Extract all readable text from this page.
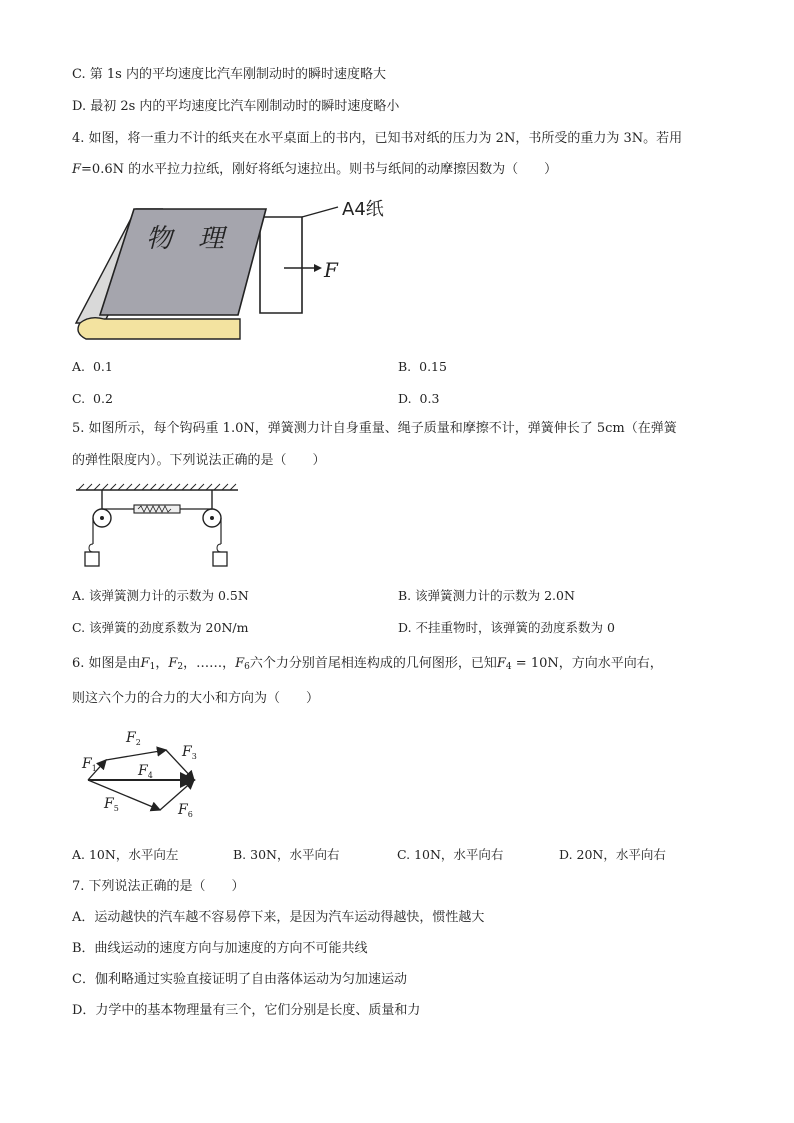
C. 第 1s 内的平均速度比汽车刚制动时的瞬时速度略大
D. 最初 2s 内的平均速度比汽车刚制动时的瞬时速度略小
4. 如图，将一重力不计的纸夹在水平桌面上的书内，已知书对纸的压力为 2N，书所受的重力为 3N。若用
F=0.6N 的水平拉力拉纸，刚好将纸匀速拉出。则书与纸间的动摩擦因数为（　　）
物　理
A4纸
F
A. 0.1	B. 0.15
C. 0.2	D. 0.3
5. 如图所示，每个钩码重 1.0N，弹簧测力计自身重量、绳子质量和摩擦不计，弹簧伸长了 5cm（在弹簧
的弹性限度内）。下列说法正确的是（　　）
A. 该弹簧测力计的示数为 0.5N	B. 该弹簧测力计的示数为 2.0N
C. 该弹簧的劲度系数为 20N/m	D. 不挂重物时，该弹簧的劲度系数为 0
6. 如图是由$F_1$，$F_2$，……，$F_6$六个力分别首尾相连构成的几何图形，已知$F_4 = 10N$，方向水平向右，
则这六个力的合力的大小和方向为（　　）
$F_1$
$F_2$
$F_3$
$F_4$
$F_5$	$F_6$
A. 10N，水平向左	B. 30N，水平向右	C. 10N，水平向右	D. 20N，水平向右
7. 下列说法正确的是（　　）
A．运动越快的汽车越不容易停下来，是因为汽车运动得越快，惯性越大
B．曲线运动的速度方向与加速度的方向不可能共线
C．伽利略通过实验直接证明了自由落体运动为匀加速运动
D．力学中的基本物理量有三个，它们分别是长度、质量和力
